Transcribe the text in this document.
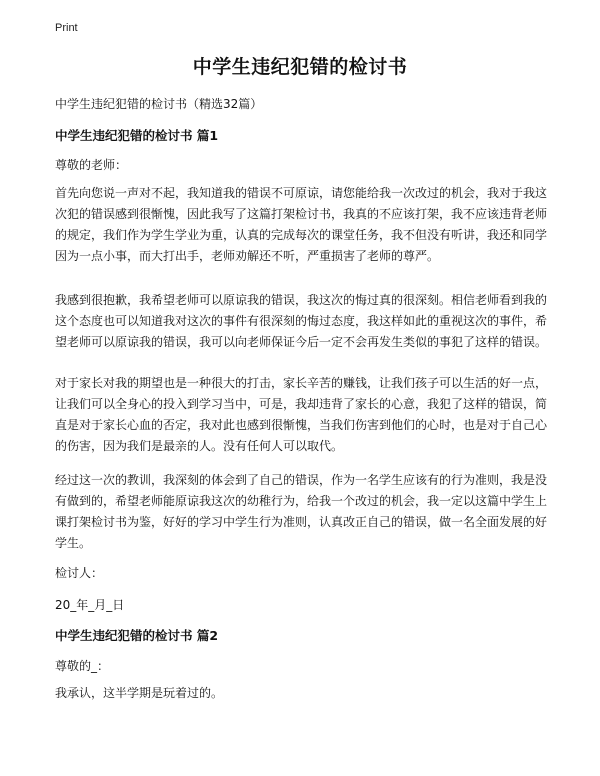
Print
中学生违纪犯错的检讨书
中学生违纪犯错的检讨书（精选32篇）
中学生违纪犯错的检讨书 篇1
尊敬的老师：
首先向您说一声对不起，我知道我的错误不可原谅，请您能给我一次改过的机会，我对于我这次犯的错误感到很惭愧，因此我写了这篇打架检讨书，我真的不应该打架，我不应该违背老师的规定，我们作为学生学业为重，认真的完成每次的课堂任务，我不但没有听讲，我还和同学因为一点小事，而大打出手，老师劝解还不听，严重损害了老师的尊严。
我感到很抱歉，我希望老师可以原谅我的错误，我这次的悔过真的很深刻。相信老师看到我的这个态度也可以知道我对这次的事件有很深刻的悔过态度，我这样如此的重视这次的事件，希望老师可以原谅我的错误，我可以向老师保证今后一定不会再发生类似的事犯了这样的错误。
对于家长对我的期望也是一种很大的打击，家长辛苦的赚钱，让我们孩子可以生活的好一点，让我们可以全身心的投入到学习当中，可是，我却违背了家长的心意，我犯了这样的错误，简直是对于家长心血的否定，我对此也感到很惭愧，当我们伤害到他们的心时，也是对于自己心的伤害，因为我们是最亲的人。没有任何人可以取代。
经过这一次的教训，我深刻的体会到了自己的错误，作为一名学生应该有的行为准则，我是没有做到的，希望老师能原谅我这次的幼稚行为，给我一个改过的机会，我一定以这篇中学生上课打架检讨书为鉴，好好的学习中学生行为准则，认真改正自己的错误，做一名全面发展的好学生。
检讨人：
20_年_月_日
中学生违纪犯错的检讨书 篇2
尊敬的_：
我承认，这半学期是玩着过的。
